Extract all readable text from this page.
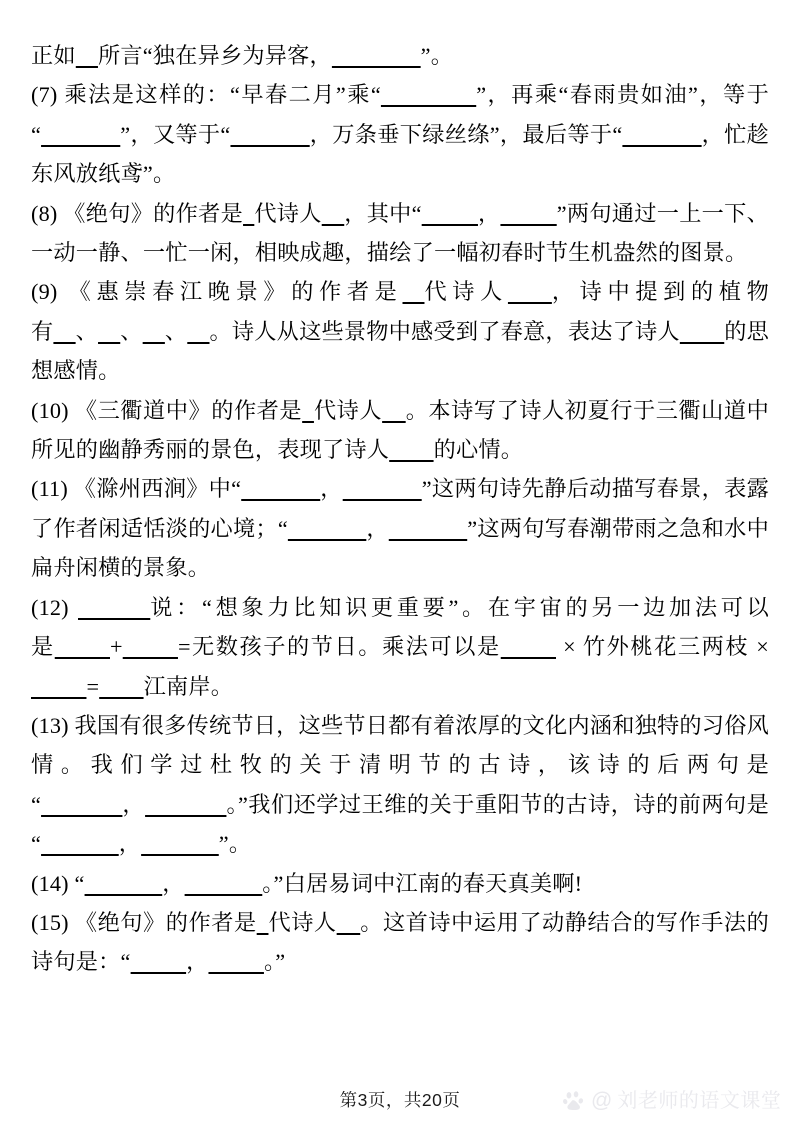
正如 所言“独在异乡为异客，	”。

(7) 乘法是这样的：“早春二月”乘“	”，再乘“春雨贵如油”，等于“	”，又等于“	，万条垂下绿丝绦”，最后等于“	，忙趁东风放纸鸢”。

(8) 《绝句》的作者是 代诗人 ，其中“	，	”两句通过一上一下、一动一静、一忙一闲，相映成趣，描绘了一幅初春时节生机盎然的图景。

(9) 《惠崇春江晚景》的作者是 代诗人 ，诗中提到的植物有 、 、 、 。诗人从这些景物中感受到了春意，表达了诗人 的思想感情。

(10) 《三衢道中》的作者是 代诗人 。本诗写了诗人初夏行于三衢山道中所见的幽静秀丽的景色，表现了诗人 的心情。

(11) 《滁州西涧》中“	，	”这两句诗先静后动描写春景，表露了作者闲适恬淡的心境；“	，	”这两句写春潮带雨之急和水中扁舟闲横的景象。

(12)	说：“想象力比知识更重要”。在宇宙的另一边加法可以是 + =无数孩子的节日。乘法可以是         × 竹外桃花三两枝 ×           = 江南岸。

(13) 我国有很多传统节日，这些节日都有着浓厚的文化内涵和独特的习俗风情。我们学过杜牧的关于清明节的古诗，该诗的后两句是“	，	。”我们还学过王维的关于重阳节的古诗，诗的前两句是“	，	”。

(14) “	，	。”白居易词中江南的春天真美啊!

(15) 《绝句》的作者是 代诗人 。这首诗中运用了动静结合的写作手法的诗句是：“ ， 。”

第3页，共20页	@ 刘老师的语文课堂
